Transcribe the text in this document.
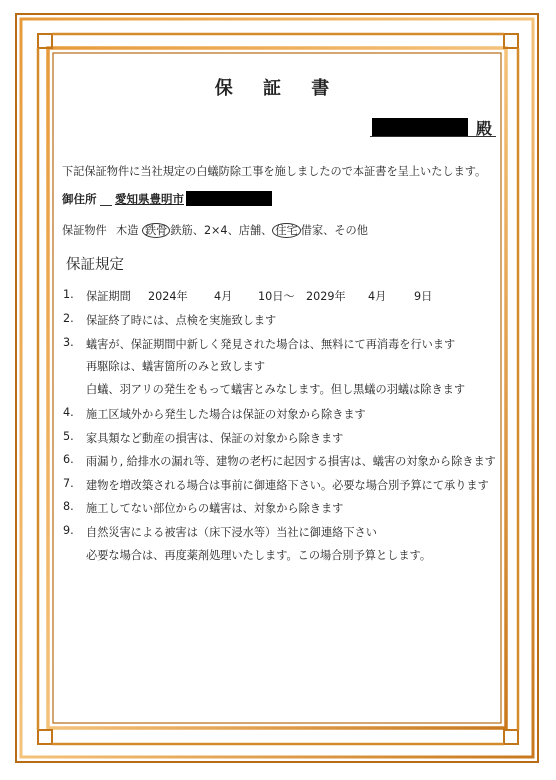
保 証 書
殿
下記保証物件に当社規定の白蟻防除工事を施しましたので本証書を呈上いたします。
御住所 愛知県豊明市
保証物件 木造 鉄骨 鉄筋、2×4、店舗、 住宅 借家、その他
保証規定
1. 保証期間 2024年 4月 10日～ 2029年 4月 9日
2. 保証終了時には、点検を実施致します
3. 蟻害が、保証期間中新しく発見された場合は、無料にて再消毒を行います
再駆除は、蟻害箇所のみと致します
白蟻、羽アリの発生をもって蟻害とみなします。但し黒蟻の羽蟻は除きます
4. 施工区域外から発生した場合は保証の対象から除きます
5. 家具類など動産の損害は、保証の対象から除きます
6. 雨漏り, 給排水の漏れ等、建物の老朽に起因する損害は、蟻害の対象から除きます
7. 建物を増改築される場合は事前に御連絡下さい。必要な場合別予算にて承ります
8. 施工してない部位からの蟻害は、対象から除きます
9. 自然災害による被害は（床下浸水等）当社に御連絡下さい
必要な場合は、再度薬剤処理いたします。この場合別予算とします。
